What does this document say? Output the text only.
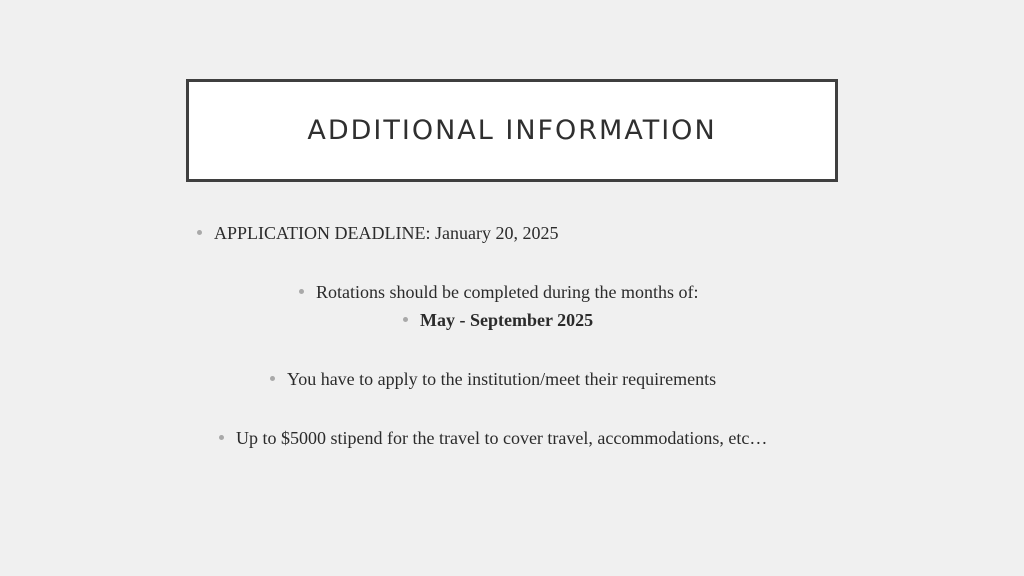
ADDITIONAL INFORMATION
APPLICATION DEADLINE: January 20, 2025
Rotations should be completed during the months of:
May - September 2025
You have to apply to the institution/meet their requirements
Up to $5000 stipend for the travel to cover travel, accommodations, etc…
